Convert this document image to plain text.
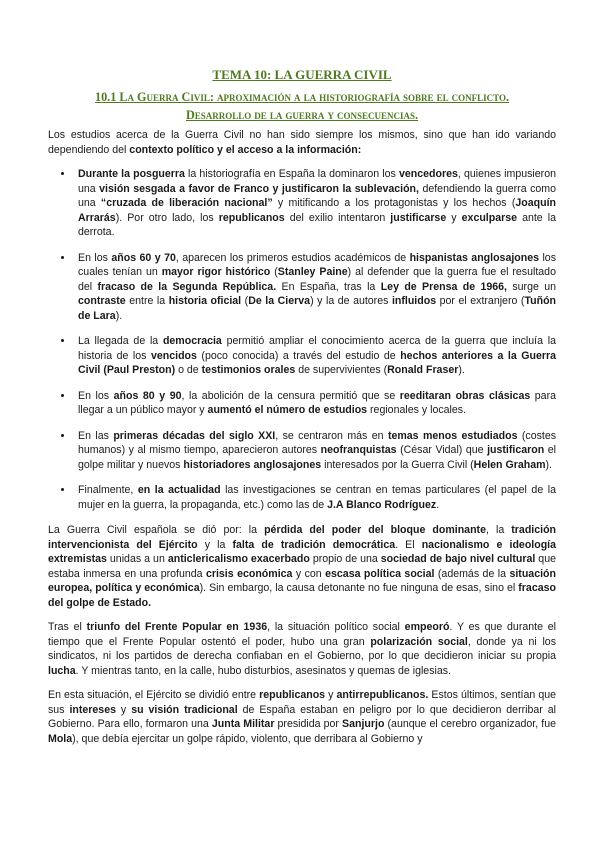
TEMA 10: LA GUERRA CIVIL
10.1 La Guerra Civil: aproximación a la historiografía sobre el conflicto.
Desarrollo de la guerra y consecuencias.

Los estudios acerca de la Guerra Civil no han sido siempre los mismos, sino que han ido variando dependiendo del contexto político y el acceso a la información:

• Durante la posguerra la historiografía en España la dominaron los vencedores, quienes impusieron una visión sesgada a favor de Franco y justificaron la sublevación, defendiendo la guerra como una “cruzada de liberación nacional” y mitificando a los protagonistas y los hechos (Joaquín Arrarás). Por otro lado, los republicanos del exilio intentaron justificarse y exculparse ante la derrota.
• En los años 60 y 70, aparecen los primeros estudios académicos de hispanistas anglosajones los cuales tenían un mayor rigor histórico (Stanley Paine) al defender que la guerra fue el resultado del fracaso de la Segunda República. En España, tras la Ley de Prensa de 1966, surge un contraste entre la historia oficial (De la Cierva) y la de autores influidos por el extranjero (Tuñón de Lara).
• La llegada de la democracia permitió ampliar el conocimiento acerca de la guerra que incluía la historia de los vencidos (poco conocida) a través del estudio de hechos anteriores a la Guerra Civil (Paul Preston) o de testimonios orales de supervivientes (Ronald Fraser).
• En los años 80 y 90, la abolición de la censura permitió que se reeditaran obras clásicas para llegar a un público mayor y aumentó el número de estudios regionales y locales.
• En las primeras décadas del siglo XXI, se centraron más en temas menos estudiados (costes humanos) y al mismo tiempo, aparecieron autores neofranquistas (César Vidal) que justificaron el golpe militar y nuevos historiadores anglosajones interesados por la Guerra Civil (Helen Graham).
• Finalmente, en la actualidad las investigaciones se centran en temas particulares (el papel de la mujer en la guerra, la propaganda, etc.) como las de J.A Blanco Rodríguez.

La Guerra Civil española se dió por: la pérdida del poder del bloque dominante, la tradición intervencionista del Ejército y la falta de tradición democrática. El nacionalismo e ideología extremistas unidas a un anticlericalismo exacerbado propio de una sociedad de bajo nivel cultural que estaba inmersa en una profunda crisis económica y con escasa política social (además de la situación europea, política y económica). Sin embargo, la causa detonante no fue ninguna de esas, sino el fracaso del golpe de Estado.

Tras el triunfo del Frente Popular en 1936, la situación político social empeoró. Y es que durante el tiempo que el Frente Popular ostentó el poder, hubo una gran polarización social, donde ya ni los sindicatos, ni los partidos de derecha confiaban en el Gobierno, por lo que decidieron iniciar su propia lucha. Y mientras tanto, en la calle, hubo disturbios, asesinatos y quemas de iglesias.

En esta situación, el Ejército se dividió entre republicanos y antirrepublicanos. Estos últimos, sentían que sus intereses y su visión tradicional de España estaban en peligro por lo que decidieron derribar al Gobierno. Para ello, formaron una Junta Militar presidida por Sanjurjo (aunque el cerebro organizador, fue Mola), que debía ejercitar un golpe rápido, violento, que derribara al Gobierno y
